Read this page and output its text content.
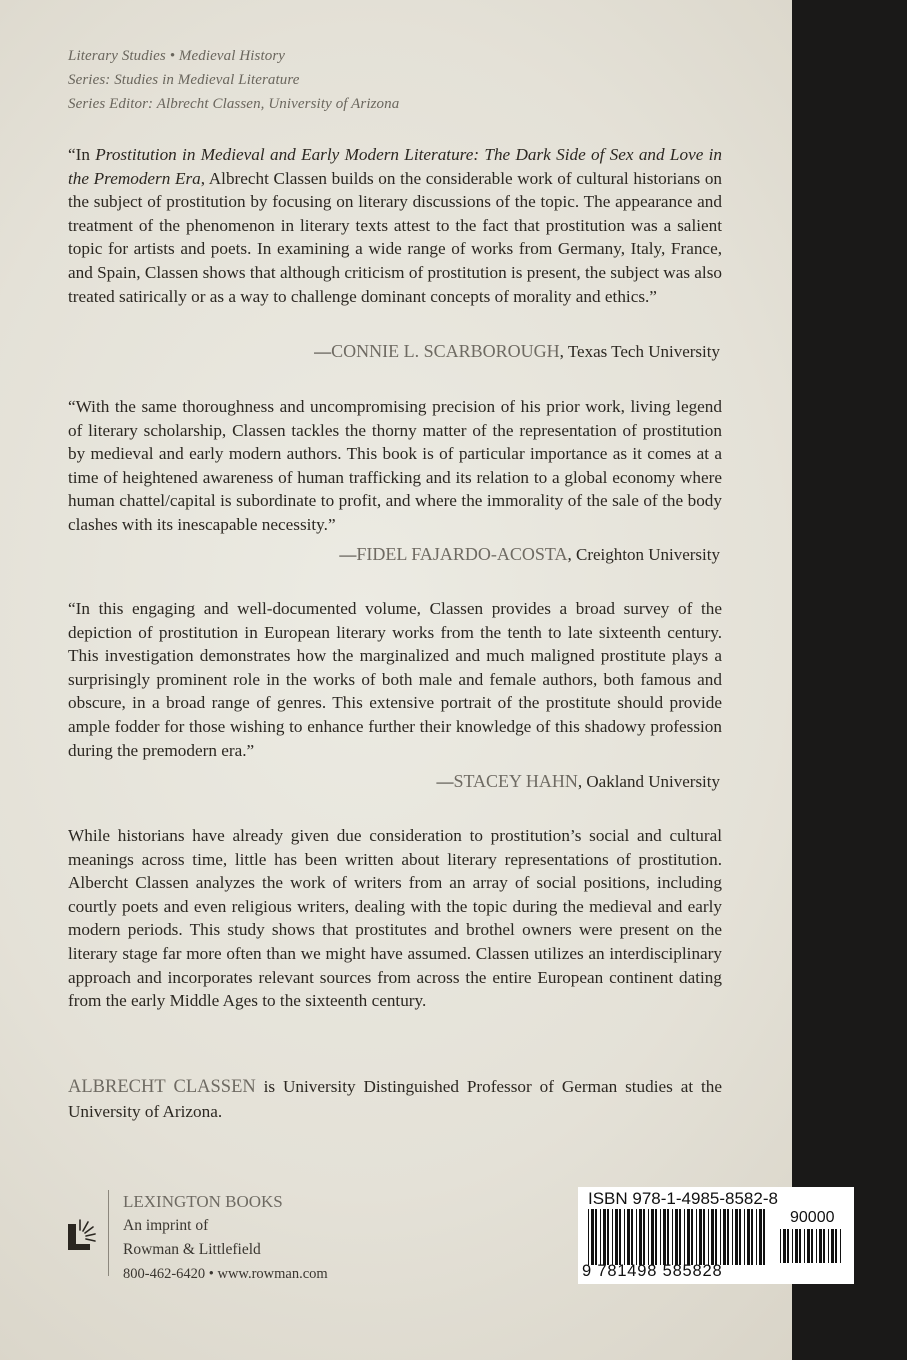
Literary Studies • Medieval History
Series: Studies in Medieval Literature
Series Editor: Albrecht Classen, University of Arizona

“In Prostitution in Medieval and Early Modern Literature: The Dark Side of Sex and Love in the Premodern Era, Albrecht Classen builds on the considerable work of cultural historians on the subject of prostitution by focusing on literary discussions of the topic. The appearance and treatment of the phenomenon in literary texts attest to the fact that prostitution was a salient topic for artists and poets. In examining a wide range of works from Germany, Italy, France, and Spain, Classen shows that although criticism of prostitution is present, the subject was also treated satirically or as a way to challenge dominant concepts of morality and ethics.”

—CONNIE L. SCARBOROUGH, Texas Tech University

“With the same thoroughness and uncompromising precision of his prior work, living legend of literary scholarship, Classen tackles the thorny matter of the representation of prostitution by medieval and early modern authors. This book is of particular importance as it comes at a time of heightened awareness of human trafficking and its relation to a global economy where human chattel/capital is subordinate to profit, and where the immorality of the sale of the body clashes with its inescapable necessity.”

—FIDEL FAJARDO-ACOSTA, Creighton University

“In this engaging and well-documented volume, Classen provides a broad survey of the depiction of prostitution in European literary works from the tenth to late sixteenth century. This investigation demonstrates how the marginalized and much maligned prostitute plays a surprisingly prominent role in the works of both male and female authors, both famous and obscure, in a broad range of genres. This extensive portrait of the prostitute should provide ample fodder for those wishing to enhance further their knowledge of this shadowy profession during the premodern era.”

—STACEY HAHN, Oakland University

While historians have already given due consideration to prostitution’s social and cultural meanings across time, little has been written about literary representations of prostitution. Albercht Classen analyzes the work of writers from an array of social positions, including courtly poets and even religious writers, dealing with the topic during the medieval and early modern periods. This study shows that prostitutes and brothel owners were present on the literary stage far more often than we might have assumed. Classen utilizes an interdisciplinary approach and incorporates relevant sources from across the entire European continent dating from the early Middle Ages to the sixteenth century.

ALBRECHT CLASSEN is University Distinguished Professor of German studies at the University of Arizona.

LEXINGTON BOOKS
An imprint of
Rowman & Littlefield
800-462-6420 • www.rowman.com
ISBN 978-1-4985-8582-8
90000
9 781498 585828
